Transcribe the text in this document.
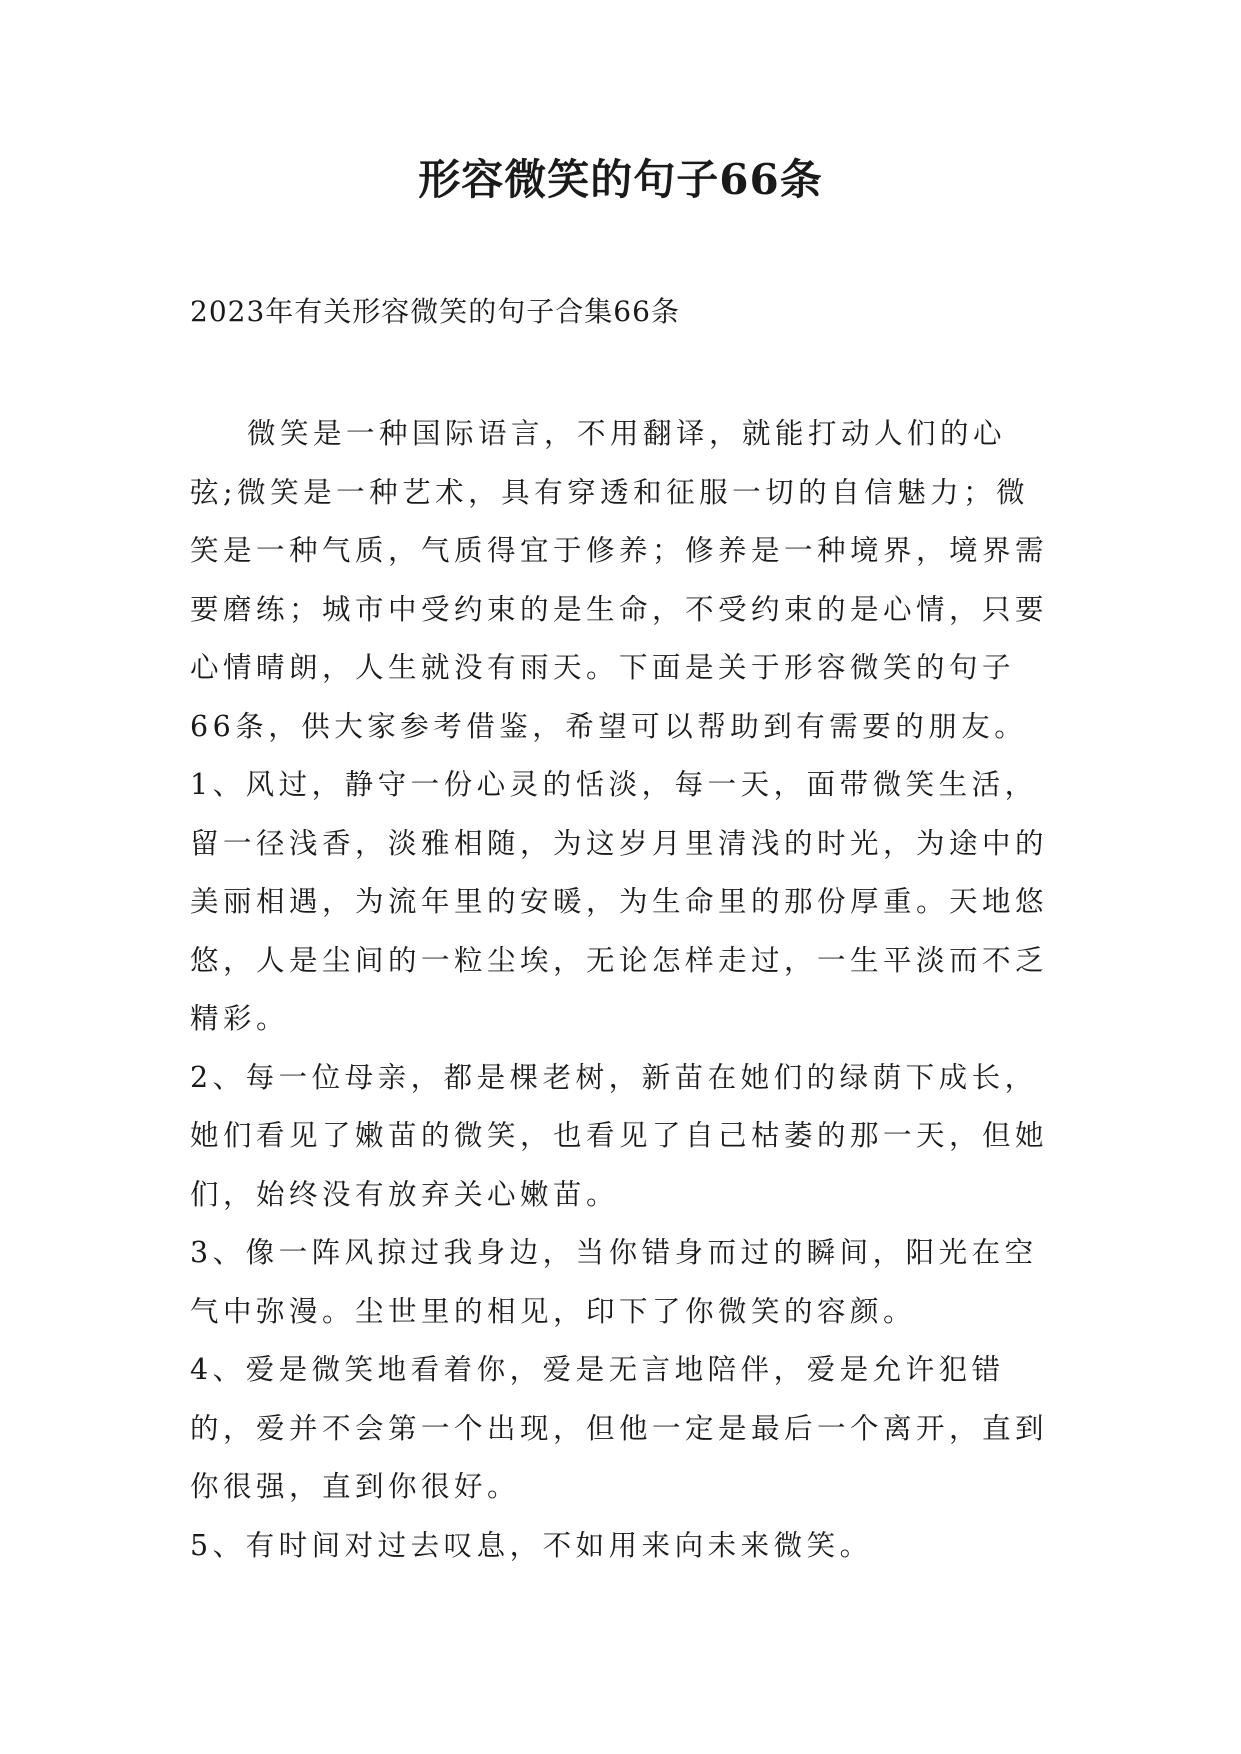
形容微笑的句子66条
2023年有关形容微笑的句子合集66条

微笑是一种国际语言，不用翻译，就能打动人们的心弦;微笑是一种艺术，具有穿透和征服一切的自信魅力；微笑是一种气质，气质得宜于修养；修养是一种境界，境界需要磨练；城市中受约束的是生命，不受约束的是心情，只要心情晴朗，人生就没有雨天。下面是关于形容微笑的句子66条，供大家参考借鉴，希望可以帮助到有需要的朋友。

1、风过，静守一份心灵的恬淡，每一天，面带微笑生活，留一径浅香，淡雅相随，为这岁月里清浅的时光，为途中的美丽相遇，为流年里的安暖，为生命里的那份厚重。天地悠悠，人是尘间的一粒尘埃，无论怎样走过，一生平淡而不乏精彩。

2、每一位母亲，都是棵老树，新苗在她们的绿荫下成长，她们看见了嫩苗的微笑，也看见了自己枯萎的那一天，但她们，始终没有放弃关心嫩苗。

3、像一阵风掠过我身边，当你错身而过的瞬间，阳光在空气中弥漫。尘世里的相见，印下了你微笑的容颜。

4、爱是微笑地看着你，爱是无言地陪伴，爱是允许犯错的，爱并不会第一个出现，但他一定是最后一个离开，直到你很强，直到你很好。

5、有时间对过去叹息，不如用来向未来微笑。
